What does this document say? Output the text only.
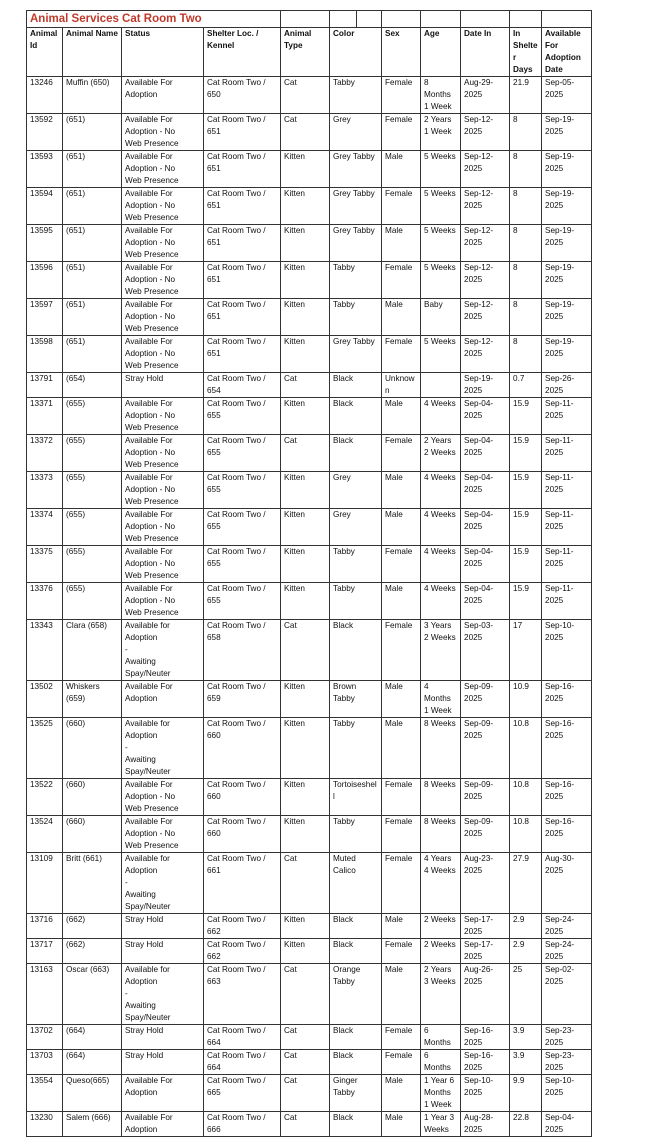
Animal Services Cat Room Two											
AnimalId	Animal Name	Status	Shelter Loc. / Kennel	Animal Type	Color		Sex	Age	Date In	In Shelter Days	Available For Adoption Date
13246	Muffin (650)	Available For Adoption	Cat Room Two / 650	Cat	Tabby		Female	8 Months 1 Week	Aug-29-2025	21.9	Sep-05-2025
13592	(651)	Available For Adoption - No
Web Presence	Cat Room Two / 651	Cat	Grey		Female	2 Years 1 Week	Sep-12-2025	8	Sep-19-2025
13593	(651)	Available For Adoption - No
Web Presence	Cat Room Two / 651	Kitten	Grey Tabby		Male	5 Weeks	Sep-12-2025	8	Sep-19-2025
13594	(651)	Available For Adoption - No
Web Presence	Cat Room Two / 651	Kitten	Grey Tabby		Female	5 Weeks	Sep-12-2025	8	Sep-19-2025
13595	(651)	Available For Adoption - No
Web Presence	Cat Room Two / 651	Kitten	Grey Tabby		Male	5 Weeks	Sep-12-2025	8	Sep-19-2025
13596	(651)	Available For Adoption - No
Web Presence	Cat Room Two / 651	Kitten	Tabby		Female	5 Weeks	Sep-12-2025	8	Sep-19-2025
13597	(651)	Available For Adoption - No
Web Presence	Cat Room Two / 651	Kitten	Tabby		Male	Baby	Sep-12-2025	8	Sep-19-2025
13598	(651)	Available For Adoption - No
Web Presence	Cat Room Two / 651	Kitten	Grey Tabby		Female	5 Weeks	Sep-12-2025	8	Sep-19-2025
13791	(654)	Stray Hold	Cat Room Two / 654	Cat	Black		Unknown		Sep-19-2025	0.7	Sep-26-2025
13371	(655)	Available For Adoption - No
Web Presence	Cat Room Two / 655	Kitten	Black		Male	4 Weeks	Sep-04-2025	15.9	Sep-11-2025
13372	(655)	Available For Adoption - No
Web Presence	Cat Room Two / 655	Cat	Black		Female	2 Years 2 Weeks	Sep-04-2025	15.9	Sep-11-2025
13373	(655)	Available For Adoption - No
Web Presence	Cat Room Two / 655	Kitten	Grey		Male	4 Weeks	Sep-04-2025	15.9	Sep-11-2025
13374	(655)	Available For Adoption - No
Web Presence	Cat Room Two / 655	Kitten	Grey		Male	4 Weeks	Sep-04-2025	15.9	Sep-11-2025
13375	(655)	Available For Adoption - No
Web Presence	Cat Room Two / 655	Kitten	Tabby		Female	4 Weeks	Sep-04-2025	15.9	Sep-11-2025
13376	(655)	Available For Adoption - No
Web Presence	Cat Room Two / 655	Kitten	Tabby		Male	4 Weeks	Sep-04-2025	15.9	Sep-11-2025
13343	Clara (658)	Available for Adoption
-
Awaiting Spay/Neuter	Cat Room Two / 658	Cat	Black		Female	3 Years 2 Weeks	Sep-03-2025	17	Sep-10-2025
13502	Whiskers (659)	Available For Adoption	Cat Room Two / 659	Kitten	Brown Tabby		Male	4 Months 1 Week	Sep-09-2025	10.9	Sep-16-2025
13525	(660)	Available for Adoption
-
Awaiting Spay/Neuter	Cat Room Two / 660	Kitten	Tabby		Male	8 Weeks	Sep-09-2025	10.8	Sep-16-2025
13522	(660)	Available For Adoption - No
Web Presence	Cat Room Two / 660	Kitten	Tortoiseshell		Female	8 Weeks	Sep-09-2025	10.8	Sep-16-2025
13524	(660)	Available For Adoption - No
Web Presence	Cat Room Two / 660	Kitten	Tabby		Female	8 Weeks	Sep-09-2025	10.8	Sep-16-2025
13109	Britt (661)	Available for Adoption
-
Awaiting Spay/Neuter	Cat Room Two / 661	Cat	Muted Calico		Female	4 Years 4 Weeks	Aug-23-2025	27.9	Aug-30-2025
13716	(662)	Stray Hold	Cat Room Two / 662	Kitten	Black		Male	2 Weeks	Sep-17-2025	2.9	Sep-24-2025
13717	(662)	Stray Hold	Cat Room Two / 662	Kitten	Black		Female	2 Weeks	Sep-17-2025	2.9	Sep-24-2025
13163	Oscar (663)	Available for Adoption
-
Awaiting Spay/Neuter	Cat Room Two / 663	Cat	Orange Tabby		Male	2 Years 3 Weeks	Aug-26-2025	25	Sep-02-2025
13702	(664)	Stray Hold	Cat Room Two / 664	Cat	Black		Female	6 Months	Sep-16-2025	3.9	Sep-23-2025
13703	(664)	Stray Hold	Cat Room Two / 664	Cat	Black		Female	6 Months	Sep-16-2025	3.9	Sep-23-2025
13554	Queso(665)	Available For Adoption	Cat Room Two / 665	Cat	Ginger Tabby		Male	1 Year 6 Months 1 Week	Sep-10-2025	9.9	Sep-10-2025
13230	Salem (666)	Available For Adoption	Cat Room Two / 666	Cat	Black		Male	1 Year 3 Weeks	Aug-28-2025	22.8	Sep-04-2025
